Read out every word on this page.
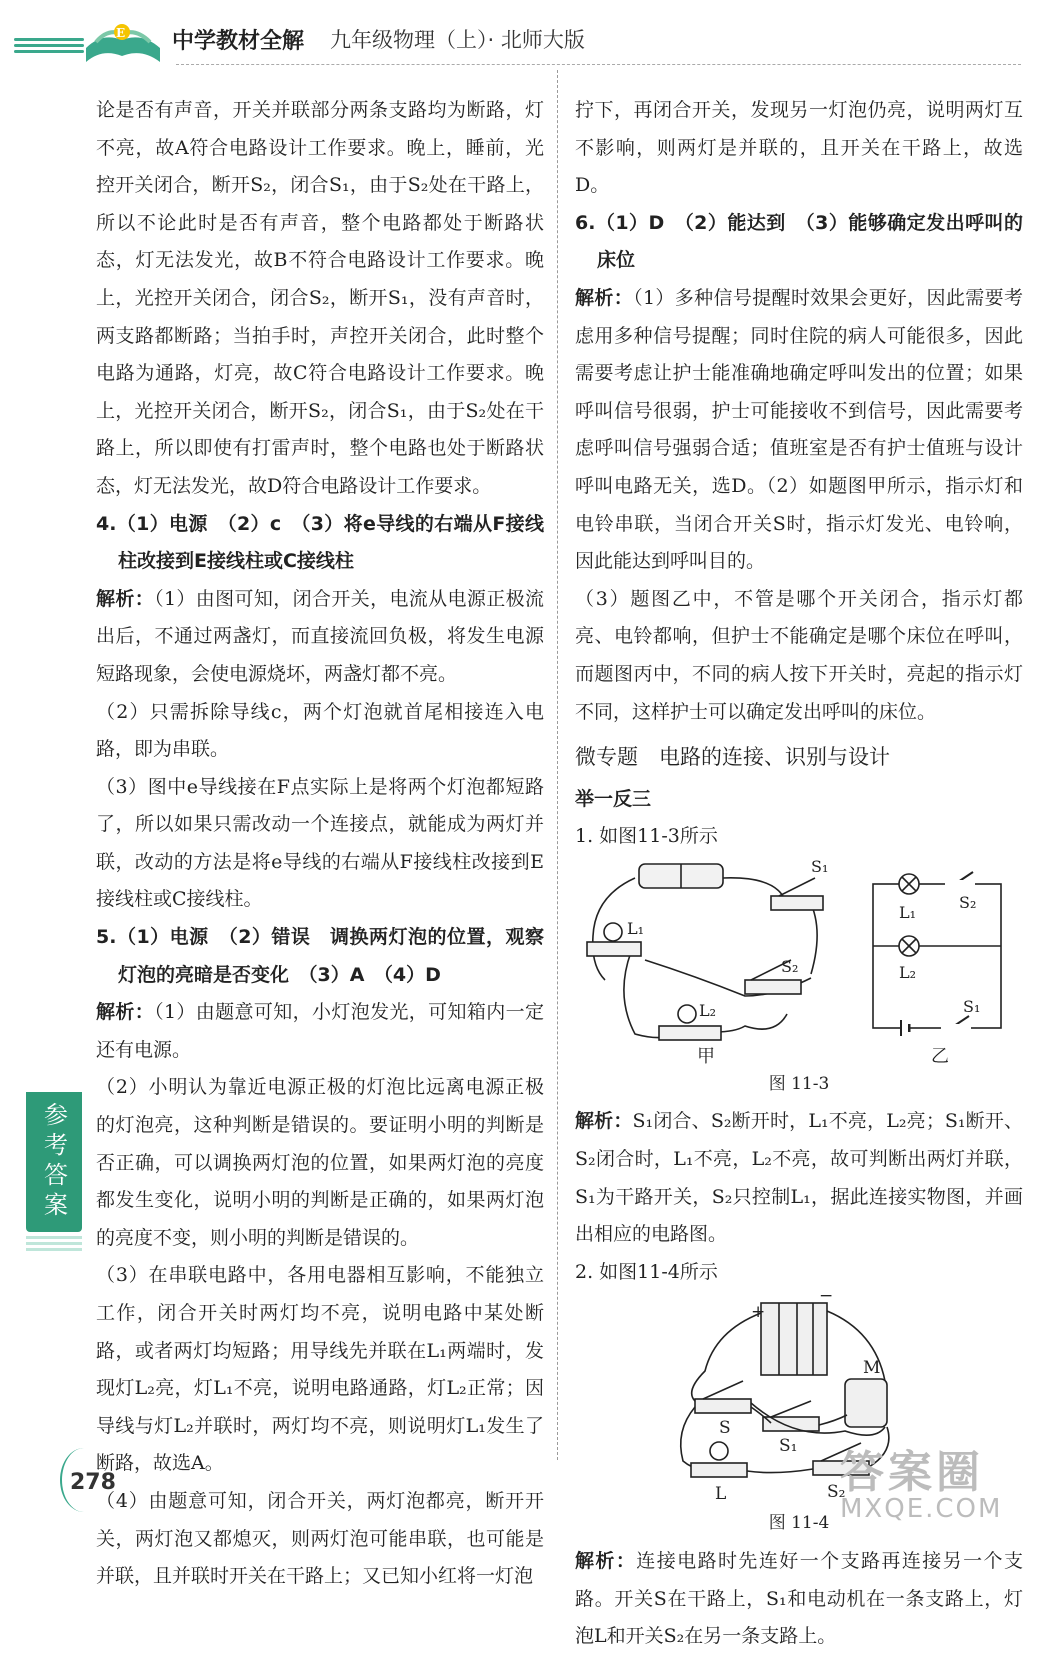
E 中学教材全解 九年级物理（上）· 北师大版

论是否有声音，开关并联部分两条支路均为断路，灯不亮，故A符合电路设计工作要求。晚上，睡前，光控开关闭合，断开S₂，闭合S₁，由于S₂处在干路上，所以不论此时是否有声音，整个电路都处于断路状态，灯无法发光，故B不符合电路设计工作要求。晚上，光控开关闭合，闭合S₂，断开S₁，没有声音时，两支路都断路；当拍手时，声控开关闭合，此时整个电路为通路，灯亮，故C符合电路设计工作要求。晚上，光控开关闭合，断开S₂，闭合S₁，由于S₂处在干路上，所以即使有打雷声时，整个电路也处于断路状态，灯无法发光，故D符合电路设计工作要求。

4.（1）电源　（2）c　（3）将e导线的右端从F接线柱改接到E接线柱或C接线柱

解析：（1）由图可知，闭合开关，电流从电源正极流出后，不通过两盏灯，而直接流回负极，将发生电源短路现象，会使电源烧坏，两盏灯都不亮。

（2）只需拆除导线c，两个灯泡就首尾相接连入电路，即为串联。

（3）图中e导线接在F点实际上是将两个灯泡都短路了，所以如果只需改动一个连接点，就能成为两灯并联，改动的方法是将e导线的右端从F接线柱改接到E接线柱或C接线柱。

5.（1）电源　（2）错误　调换两灯泡的位置，观察灯泡的亮暗是否变化　（3）A　（4）D

解析：（1）由题意可知，小灯泡发光，可知箱内一定还有电源。

（2）小明认为靠近电源正极的灯泡比远离电源正极的灯泡亮，这种判断是错误的。要证明小明的判断是否正确，可以调换两灯泡的位置，如果两灯泡的亮度都发生变化，说明小明的判断是正确的，如果两灯泡的亮度不变，则小明的判断是错误的。

（3）在串联电路中，各用电器相互影响，不能独立工作，闭合开关时两灯均不亮，说明电路中某处断路，或者两灯均短路；用导线先并联在L₁两端时，发现灯L₂亮，灯L₁不亮，说明电路通路，灯L₂正常；因导线与灯L₂并联时，两灯均不亮，则说明灯L₁发生了断路，故选A。

（4）由题意可知，闭合开关，两灯泡都亮，断开开关，两灯泡又都熄灭，则两灯泡可能串联，也可能是并联，且并联时开关在干路上；又已知小红将一灯泡

拧下，再闭合开关，发现另一灯泡仍亮，说明两灯互不影响，则两灯是并联的，且开关在干路上，故选D。

6.（1）D　（2）能达到　（3）能够确定发出呼叫的床位

解析：（1）多种信号提醒时效果会更好，因此需要考虑用多种信号提醒；同时住院的病人可能很多，因此需要考虑让护士能准确地确定呼叫发出的位置；如果呼叫信号很弱，护士可能接收不到信号，因此需要考虑呼叫信号强弱合适；值班室是否有护士值班与设计呼叫电路无关，选D。（2）如题图甲所示，指示灯和电铃串联，当闭合开关S时，指示灯发光、电铃响，因此能达到呼叫目的。

（3）题图乙中，不管是哪个开关闭合，指示灯都亮、电铃都响，但护士不能确定是哪个床位在呼叫，而题图丙中，不同的病人按下开关时，亮起的指示灯不同，这样护士可以确定发出呼叫的床位。

微专题　电路的连接、识别与设计

举一反三

1. 如图11-3所示

S₁
L₁
L₂
S₂
L₁
S₂
L₂
S₁
甲	乙

图 11-3

解析：S₁闭合、S₂断开时，L₁不亮，L₂亮；S₁断开、S₂闭合时，L₁不亮，L₂不亮，故可判断出两灯并联，S₁为干路开关，S₂只控制L₁，据此连接实物图，并画出相应的电路图。

2. 如图11-4所示

+
−
M
S
S₁
L	S₂

图 11-4

解析：连接电路时先连好一个支路再连接另一个支路。开关S在干路上，S₁和电动机在一条支路上，灯泡L和开关S₂在另一条支路上。

参考答案
278	答案圈
MXQE.COM
